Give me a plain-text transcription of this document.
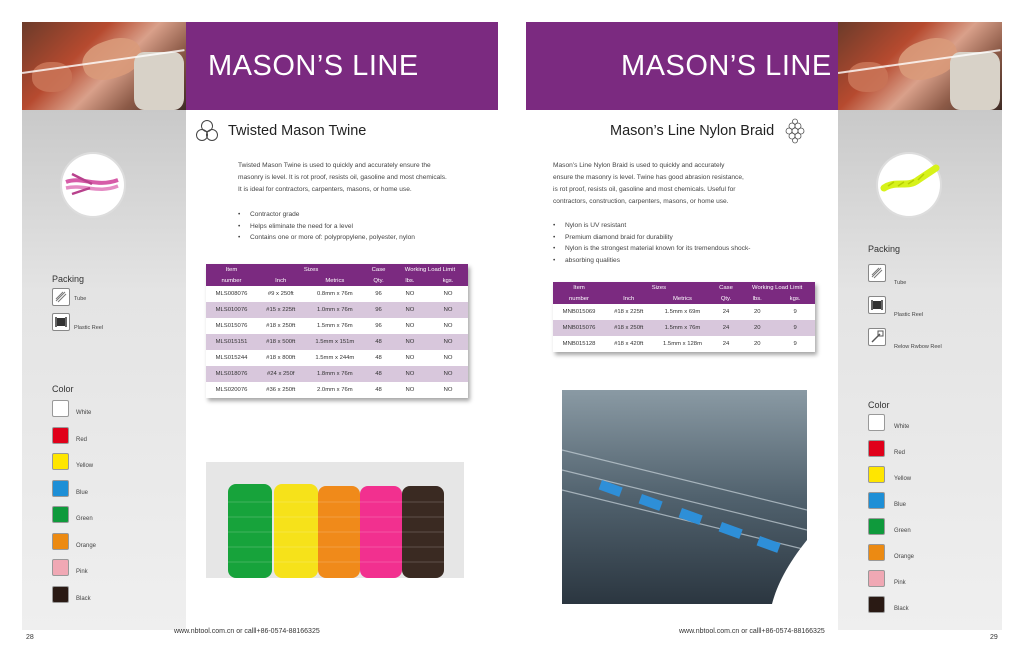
MASON’S LINE
Packing
Tube
Plastic Reel
Color
White
Red
Yellow
Blue
Green
Orange
Pink
Black
Twisted Mason Twine
Twisted Mason Twine is used to quickly and accurately ensure the
masonry is level. It is rot proof, resists oil, gasoline and most chemicals.
It is ideal for contractors, carpenters, masons, or home use.
• Contractor grade
• Helps eliminate the need for a level
• Contains one or more of: polypropylene, polyester, nylon
Item	Sizes		Case	Working Load Limit	
number	Inch	Metrics	Qty.	lbs.	kgs.
MLS008076	#9 x 250ft	0.8mm x 76m	96	NO	NO
MLS010076	#15 x 225ft	1.0mm x 76m	96	NO	NO
MLS015076	#18 x 250ft	1.5mm x 76m	96	NO	NO
MLS015151	#18 x 500ft	1.5mm x 151m	48	NO	NO
MLS015244	#18 x 800ft	1.5mm x 244m	48	NO	NO
MLS018076	#24 x 250f	1.8mm x 76m	48	NO	NO
MLS020076	#36 x 250ft	2.0mm x 76m	48	NO	NO
www.nbtool.com.cn or calll+86-0574-88166325
28
MASON’S LINE
Packing
Tube
Plastic Reel
Relow Rwbow Reel
Color
White
Red
Yellow
Blue
Green
Orange
Pink
Black
Mason’s Line Nylon Braid
Mason’s Line Nylon Braid is used to quickly and accurately
ensure the masonry is level. Twine has good abrasion resistance,
is rot proof, resists oil, gasoline and most chemicals. Useful for
contractors, construction, carpenters, masons, or home use.
• Nylon is UV resistant
• Premium diamond braid for durability
• Nylon is the strongest material known for its tremendous shock-
• absorbing qualities
Item	Sizes		Case	Working Load Limit	
number	Inch	Metrics	Qty.	lbs.	kgs.
MNB015069	#18 x 225ft	1.5mm x 69m	24	20	9
MNB015076	#18 x 250ft	1.5mm x 76m	24	20	9
MNB015128	#18 x 420ft	1.5mm x 128m	24	20	9
www.nbtool.com.cn or calll+86-0574-88166325
29
